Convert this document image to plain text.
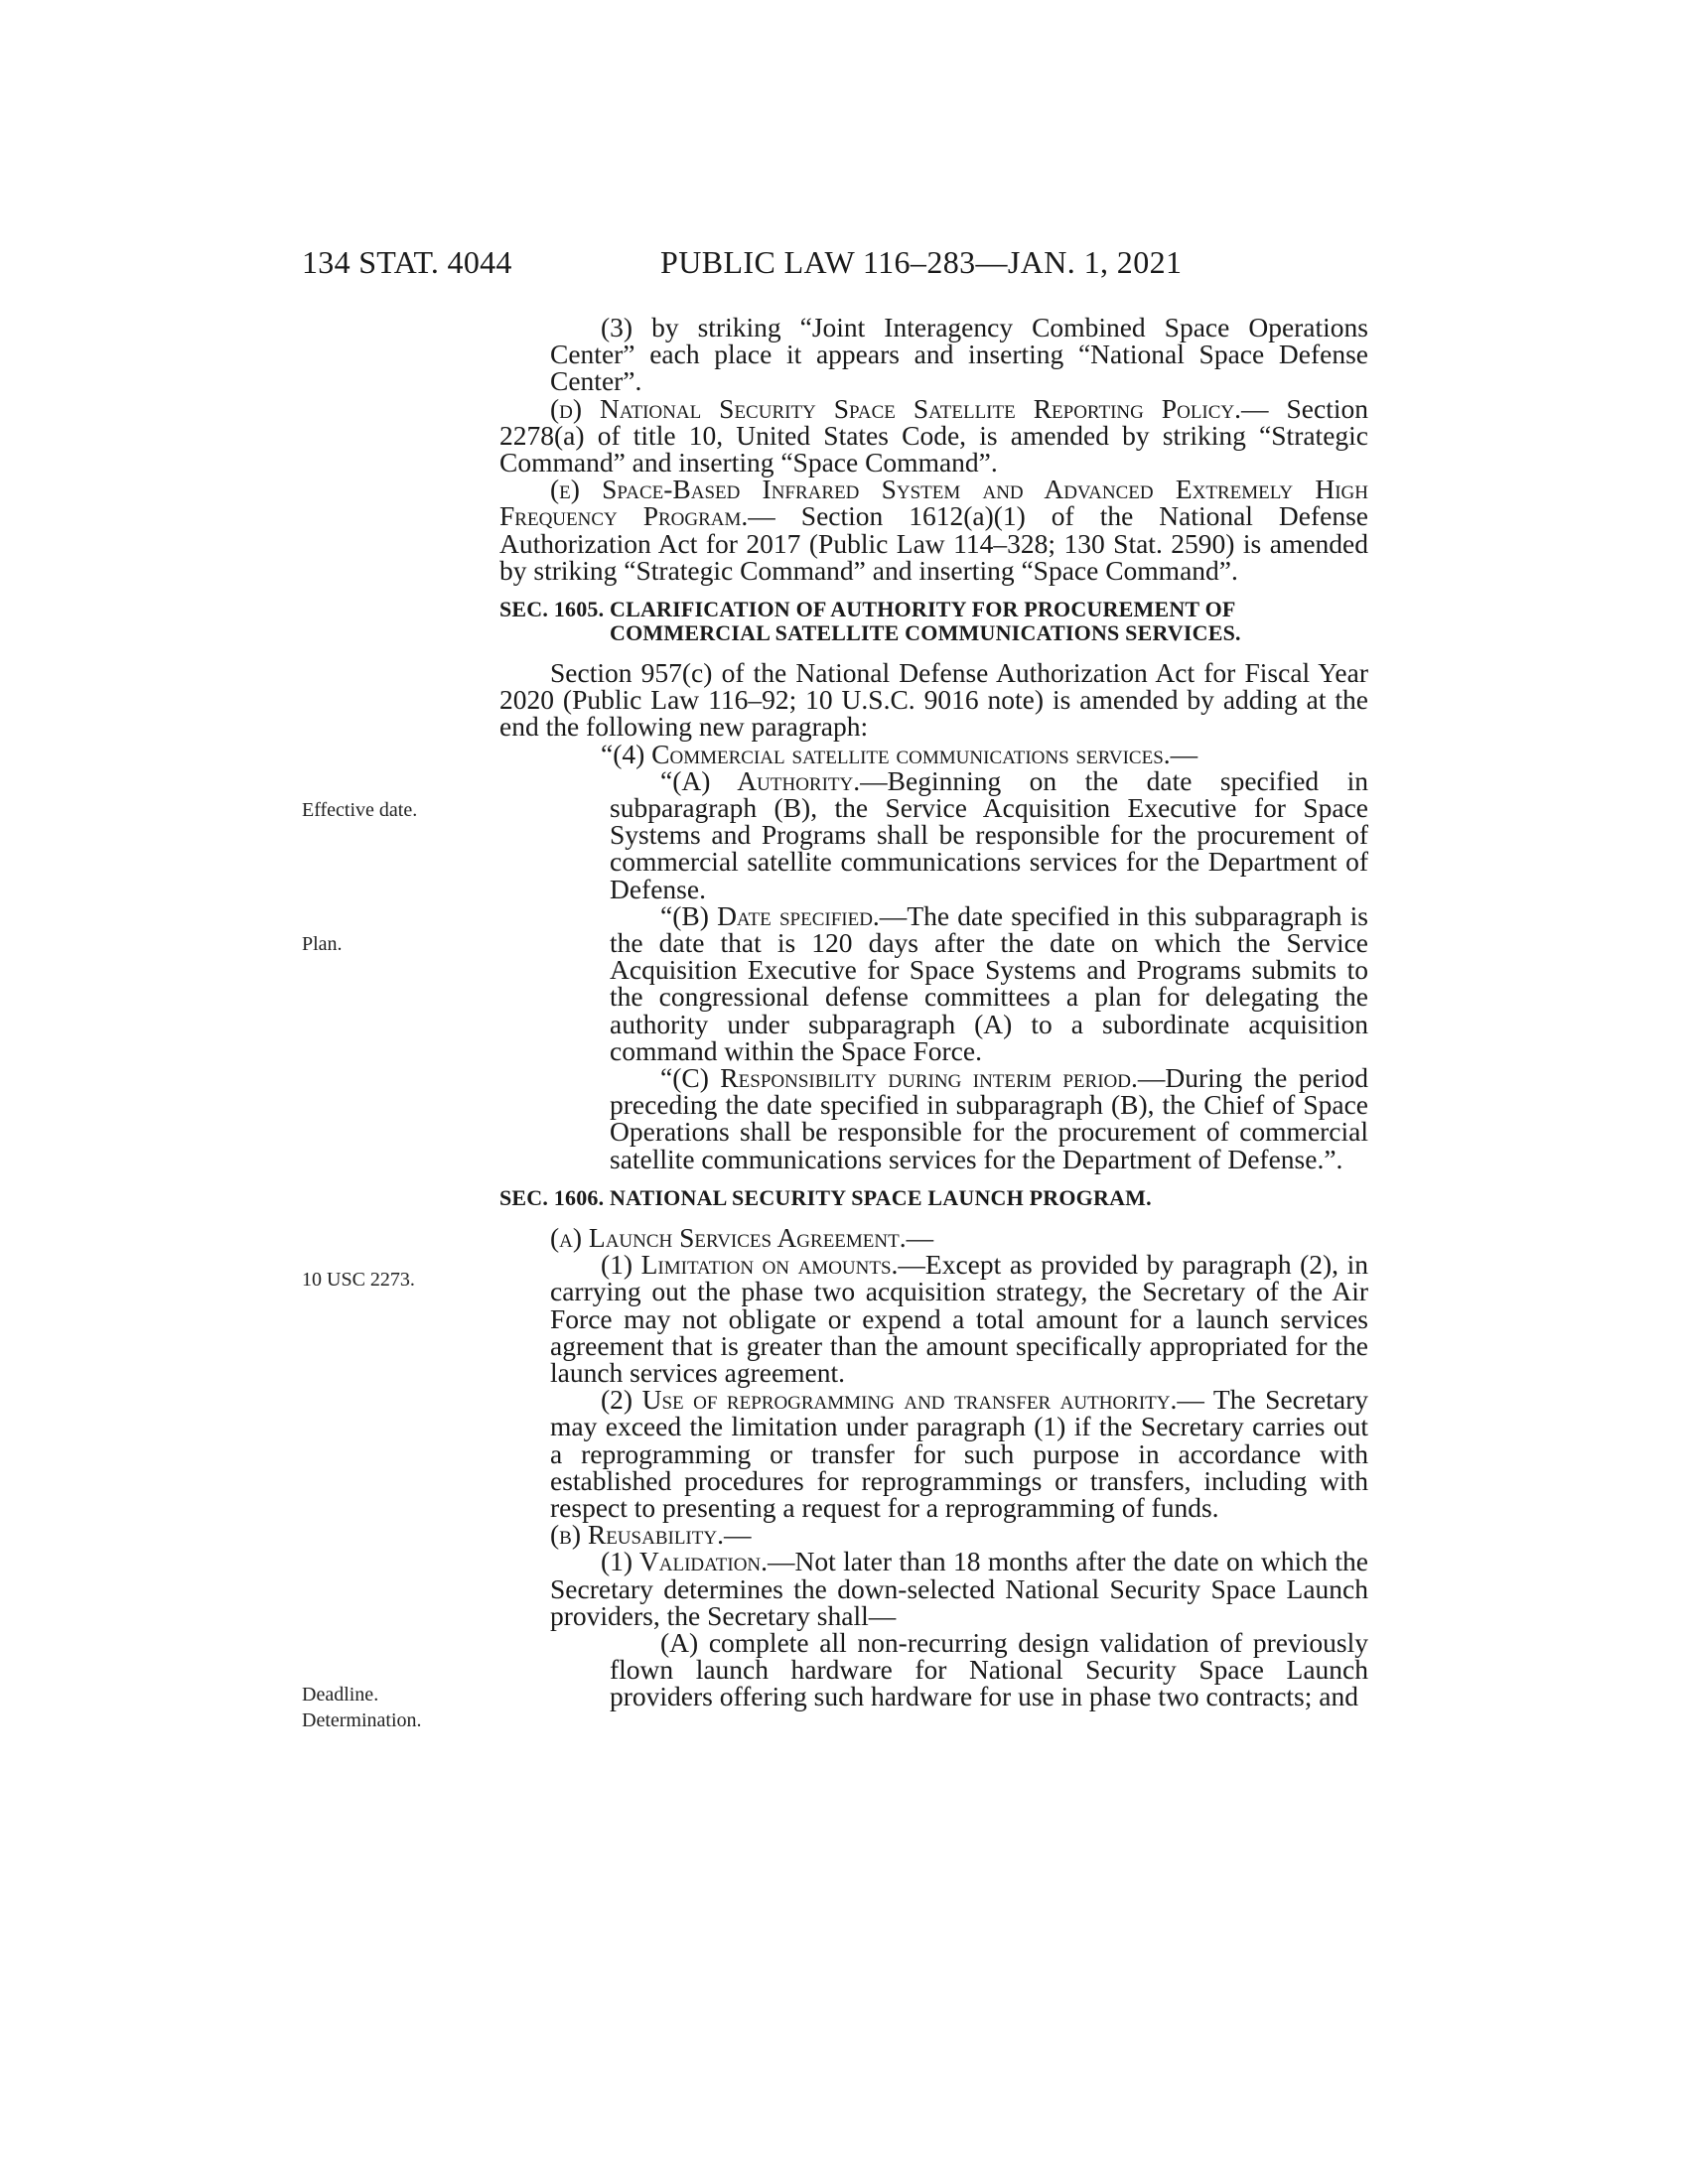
134 STAT. 4044	PUBLIC LAW 116–283—JAN. 1, 2021
Effective date.
Plan.
10 USC 2273.
Deadline.
Determination.

(3) by striking “Joint Interagency Combined Space Operations Center” each place it appears and inserting “National Space Defense Center”.

(d) National Security Space Satellite Reporting Policy.— Section 2278(a) of title 10, United States Code, is amended by striking “Strategic Command” and inserting “Space Command”.

(e) Space-Based Infrared System and Advanced Extremely High Frequency Program.— Section 1612(a)(1) of the National Defense Authorization Act for 2017 (Public Law 114–328; 130 Stat. 2590) is amended by striking “Strategic Command” and inserting “Space Command”.

SEC. 1605. CLARIFICATION OF AUTHORITY FOR PROCUREMENT OF COMMERCIAL SATELLITE COMMUNICATIONS SERVICES.

Section 957(c) of the National Defense Authorization Act for Fiscal Year 2020 (Public Law 116–92; 10 U.S.C. 9016 note) is amended by adding at the end the following new paragraph:

“(4) Commercial satellite communications services.—

“(A) Authority.—Beginning on the date specified in subparagraph (B), the Service Acquisition Executive for Space Systems and Programs shall be responsible for the procurement of commercial satellite communications services for the Department of Defense.

“(B) Date specified.—The date specified in this subparagraph is the date that is 120 days after the date on which the Service Acquisition Executive for Space Systems and Programs submits to the congressional defense committees a plan for delegating the authority under subparagraph (A) to a subordinate acquisition command within the Space Force.

“(C) Responsibility during interim period.—During the period preceding the date specified in subparagraph (B), the Chief of Space Operations shall be responsible for the procurement of commercial satellite communications services for the Department of Defense.”.

SEC. 1606. NATIONAL SECURITY SPACE LAUNCH PROGRAM.

(a) Launch Services Agreement.—

(1) Limitation on amounts.—Except as provided by paragraph (2), in carrying out the phase two acquisition strategy, the Secretary of the Air Force may not obligate or expend a total amount for a launch services agreement that is greater than the amount specifically appropriated for the launch services agreement.

(2) Use of reprogramming and transfer authority.— The Secretary may exceed the limitation under paragraph (1) if the Secretary carries out a reprogramming or transfer for such purpose in accordance with established procedures for reprogrammings or transfers, including with respect to presenting a request for a reprogramming of funds.

(b) Reusability.—

(1) Validation.—Not later than 18 months after the date on which the Secretary determines the down-selected National Security Space Launch providers, the Secretary shall—

(A) complete all non-recurring design validation of previously flown launch hardware for National Security Space Launch providers offering such hardware for use in phase two contracts; and
